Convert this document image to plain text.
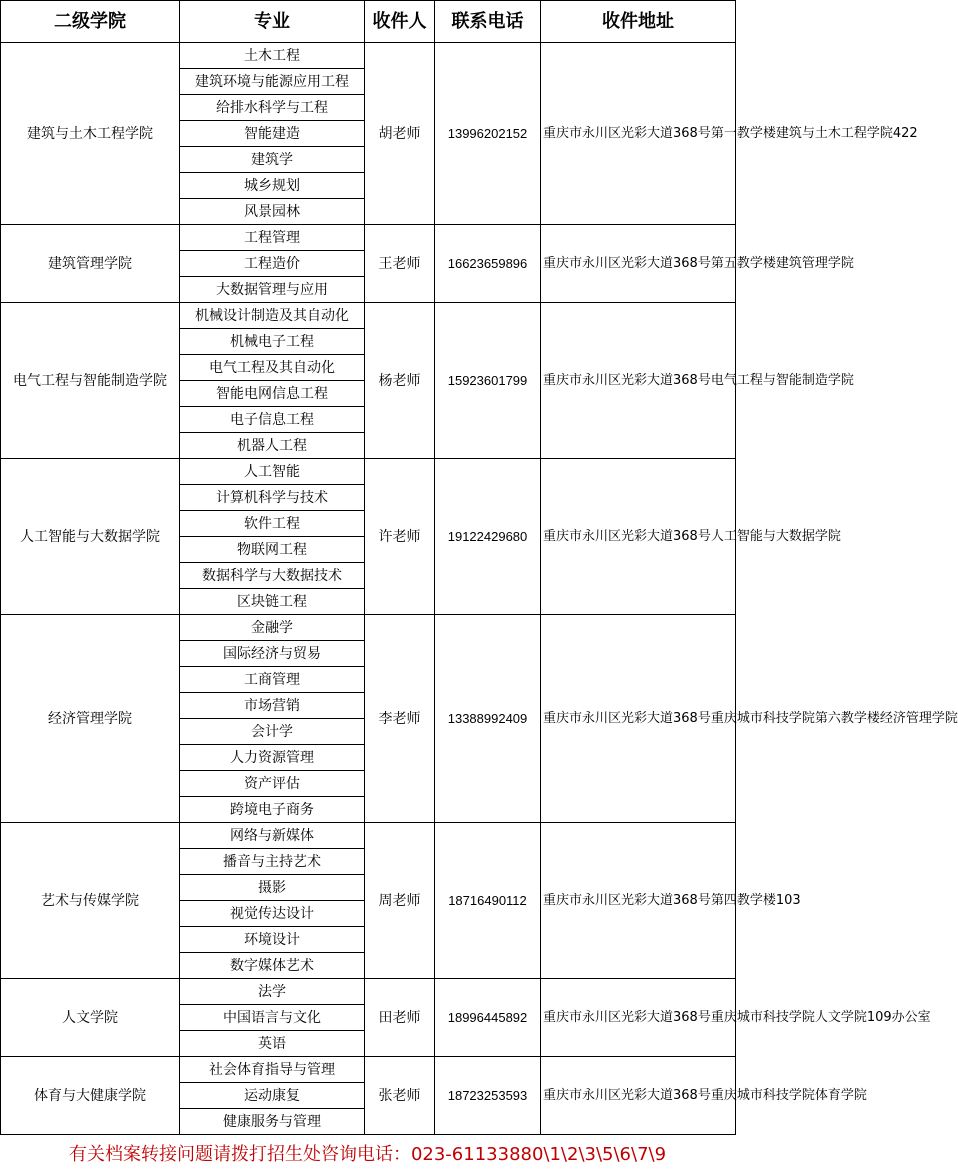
二级学院	专业	收件人	联系电话	收件地址
建筑与土木工程学院	土木工程	胡老师	13996202152	重庆市永川区光彩大道368号第一教学楼建筑与土木工程学院422
	建筑环境与能源应用工程			
	给排水科学与工程			
	智能建造			
	建筑学			
	城乡规划			
	风景园林			
建筑管理学院	工程管理	王老师	16623659896	重庆市永川区光彩大道368号第五教学楼建筑管理学院
	工程造价			
	大数据管理与应用			
电气工程与智能制造学院	机械设计制造及其自动化	杨老师	15923601799	重庆市永川区光彩大道368号电气工程与智能制造学院
	机械电子工程			
	电气工程及其自动化			
	智能电网信息工程			
	电子信息工程			
	机器人工程			
人工智能与大数据学院	人工智能	许老师	19122429680	重庆市永川区光彩大道368号人工智能与大数据学院
	计算机科学与技术			
	软件工程			
	物联网工程			
	数据科学与大数据技术			
	区块链工程			
经济管理学院	金融学	李老师	13388992409	重庆市永川区光彩大道368号重庆城市科技学院第六教学楼经济管理学院
	国际经济与贸易			
	工商管理			
	市场营销			
	会计学			
	人力资源管理			
	资产评估			
	跨境电子商务			
艺术与传媒学院	网络与新媒体	周老师	18716490112	重庆市永川区光彩大道368号第四教学楼103
	播音与主持艺术			
	摄影			
	视觉传达设计			
	环境设计			
	数字媒体艺术			
人文学院	法学	田老师	18996445892	重庆市永川区光彩大道368号重庆城市科技学院人文学院109办公室
	中国语言与文化			
	英语			
体育与大健康学院	社会体育指导与管理	张老师	18723253593	重庆市永川区光彩大道368号重庆城市科技学院体育学院
	运动康复			
	健康服务与管理			
有关档案转接问题请拨打招生处咨询电话：023-61133880\1\2\3\5\6\7\9
